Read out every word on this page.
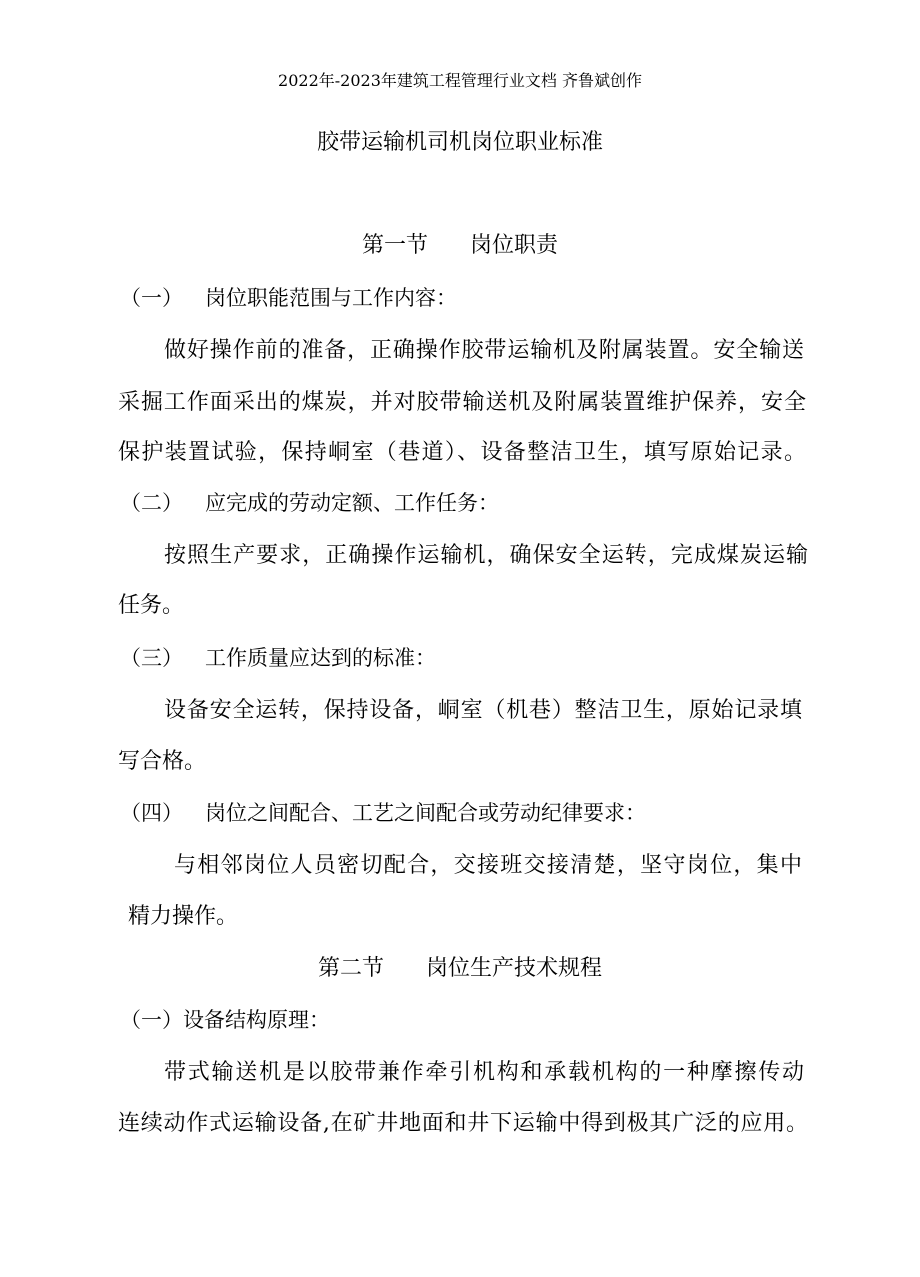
2022年-2023年建筑工程管理行业文档 齐鲁斌创作
胶带运输机司机岗位职业标准
第一节 岗位职责
（一） 岗位职能范围与工作内容：
做好操作前的准备，正确操作胶带运输机及附属装置。安全输送
采掘工作面采出的煤炭，并对胶带输送机及附属装置维护保养，安全
保护装置试验，保持峒室（巷道）、设备整洁卫生，填写原始记录。
（二） 应完成的劳动定额、工作任务：
按照生产要求，正确操作运输机，确保安全运转，完成煤炭运输
任务。
（三） 工作质量应达到的标准：
设备安全运转，保持设备，峒室（机巷）整洁卫生，原始记录填
写合格。
（四） 岗位之间配合、工艺之间配合或劳动纪律要求：
与相邻岗位人员密切配合，交接班交接清楚，坚守岗位，集中
精力操作。
第二节 岗位生产技术规程
（一）设备结构原理：
带式输送机是以胶带兼作牵引机构和承载机构的一种摩擦传动
连续动作式运输设备,在矿井地面和井下运输中得到极其广泛的应用。
